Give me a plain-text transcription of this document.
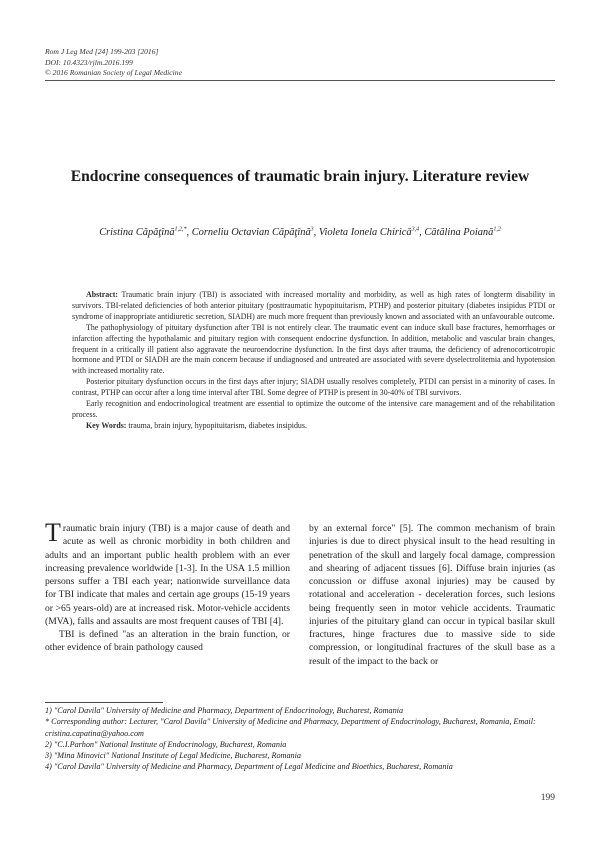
Rom J Leg Med [24] 199-203 [2016]
DOI: 10.4323/rjlm.2016.199
© 2016 Romanian Society of Legal Medicine
Endocrine consequences of traumatic brain injury. Literature review
Cristina Căpăţînă$^{1,2,*}$, Corneliu Octavian Căpăţînă$^3$, Violeta Ionela Chirică$^{3,4}$, Cătălina Poiană$^{1,2}$

Abstract: Traumatic brain injury (TBI) is associated with increased mortality and morbidity, as well as high rates of longterm disability in survivors. TBI-related deficiencies of both anterior pituitary (posttraumatic hypopituitarism, PTHP) and posterior pituitary (diabetes insipidus PTDI or syndrome of inappropriate antidiuretic secretion, SIADH) are much more frequent than previously known and associated with an unfavourable outcome.

The pathophysiology of pituitary dysfunction after TBI is not entirely clear. The traumatic event can induce skull base fractures, hemorrhages or infarction affecting the hypothalamic and pituitary region with consequent endocrine dysfunction. In addition, metabolic and vascular brain changes, frequent in a critically ill patient also aggravate the neuroendocrine dysfunction. In the first days after trauma, the deficiency of adrenocorticotropic hormone and PTDI or SIADH are the main concern because if undiagnosed and untreated are associated with severe dyselectrolitemia and hypotension with increased mortality rate.

Posterior pituitary dysfunction occurs in the first days after injury; SIADH usually resolves completely, PTDI can persist in a minority of cases. In contrast, PTHP can occur after a long time interval after TBI. Some degree of PTHP is present in 30-40% of TBI survivors.

Early recognition and endocrinological treatment are essential to optimize the outcome of the intensive care management and of the rehabilitation process.

Key Words: trauma, brain injury, hypopituitarism, diabetes insipidus.

Traumatic brain injury (TBI) is a major cause of death and acute as well as chronic morbidity in both children and adults and an important public health problem with an ever increasing prevalence worldwide [1-3]. In the USA 1.5 million persons suffer a TBI each year; nationwide surveillance data for TBI indicate that males and certain age groups (15-19 years or >65 years-old) are at increased risk. Motor-vehicle accidents (MVA), falls and assaults are most frequent causes of TBI [4].

TBI is defined "as an alteration in the brain function, or other evidence of brain pathology caused

by an external force" [5]. The common mechanism of brain injuries is due to direct physical insult to the head resulting in penetration of the skull and largely focal damage, compression and shearing of adjacent tissues [6]. Diffuse brain injuries (as concussion or diffuse axonal injuries) may be caused by rotational and acceleration - deceleration forces, such lesions being frequently seen in motor vehicle accidents. Traumatic injuries of the pituitary gland can occur in typical basilar skull fractures, hinge fractures due to massive side to side compression, or longitudinal fractures of the skull base as a result of the impact to the back or

1) "Carol Davila" University of Medicine and Pharmacy, Department of Endocrinology, Bucharest, Romania
* Corresponding author: Lecturer, "Carol Davila" University of Medicine and Pharmacy, Department of Endocrinology, Bucharest, Romania, Email: cristina.capatina@yahoo.com
2) "C.I.Parhon" National Institute of Endocrinology, Bucharest, Romania
3) "Mina Minovici" National Institute of Legal Medicine, Bucharest, Romania
4) "Carol Davila" University of Medicine and Pharmacy, Department of Legal Medicine and Bioethics, Bucharest, Romania
199
